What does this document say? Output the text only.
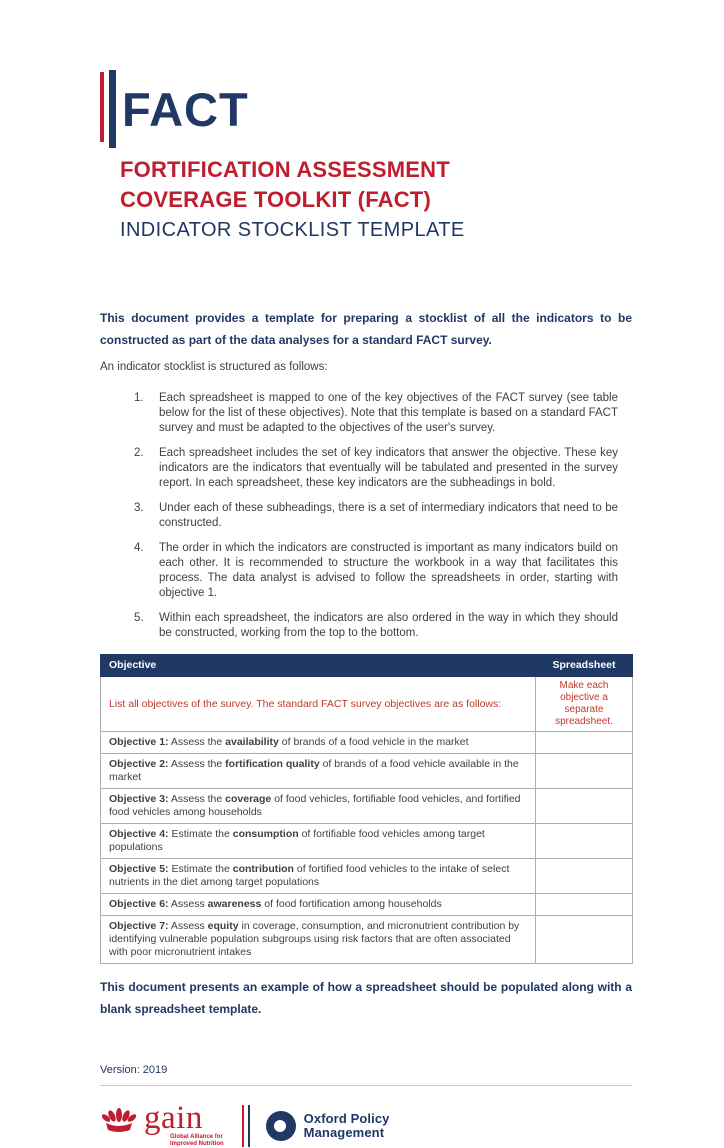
FACT
FORTIFICATION ASSESSMENT
COVERAGE TOOLKIT (FACT)
INDICATOR STOCKLIST TEMPLATE
This document provides a template for preparing a stocklist of all the indicators to be constructed as part of the data analyses for a standard FACT survey.
An indicator stocklist is structured as follows:
1.	Each spreadsheet is mapped to one of the key objectives of the FACT survey (see table below for the list of these objectives). Note that this template is based on a standard FACT survey and must be adapted to the objectives of the user's survey.
2.	Each spreadsheet includes the set of key indicators that answer the objective. These key indicators are the indicators that eventually will be tabulated and presented in the survey report. In each spreadsheet, these key indicators are the subheadings in bold.
3.	Under each of these subheadings, there is a set of intermediary indicators that need to be constructed.
4.	The order in which the indicators are constructed is important as many indicators build on each other. It is recommended to structure the workbook in a way that facilitates this process. The data analyst is advised to follow the spreadsheets in order, starting with objective 1.
5.	Within each spreadsheet, the indicators are also ordered in the way in which they should be constructed, working from the top to the bottom.
Objective	Spreadsheet
List all objectives of the survey. The standard FACT survey objectives are as follows:	Make each objective a separate spreadsheet.
Objective 1: Assess the availability of brands of a food vehicle in the market	
Objective 2: Assess the fortification quality of brands of a food vehicle available in the market	
Objective 3: Assess the coverage of food vehicles, fortifiable food vehicles, and fortified food vehicles among households	
Objective 4: Estimate the consumption of fortifiable food vehicles among target populations	
Objective 5: Estimate the contribution of fortified food vehicles to the intake of select nutrients in the diet among target populations	
Objective 6: Assess awareness of food fortification among households	
Objective 7: Assess equity in coverage, consumption, and micronutrient contribution by identifying vulnerable population subgroups using risk factors that are often associated with poor micronutrient intakes	
This document presents an example of how a spreadsheet should be populated along with a blank spreadsheet template.
Version: 2019
gain
Global Alliance for
Improved Nutrition
Oxford Policy
Management
